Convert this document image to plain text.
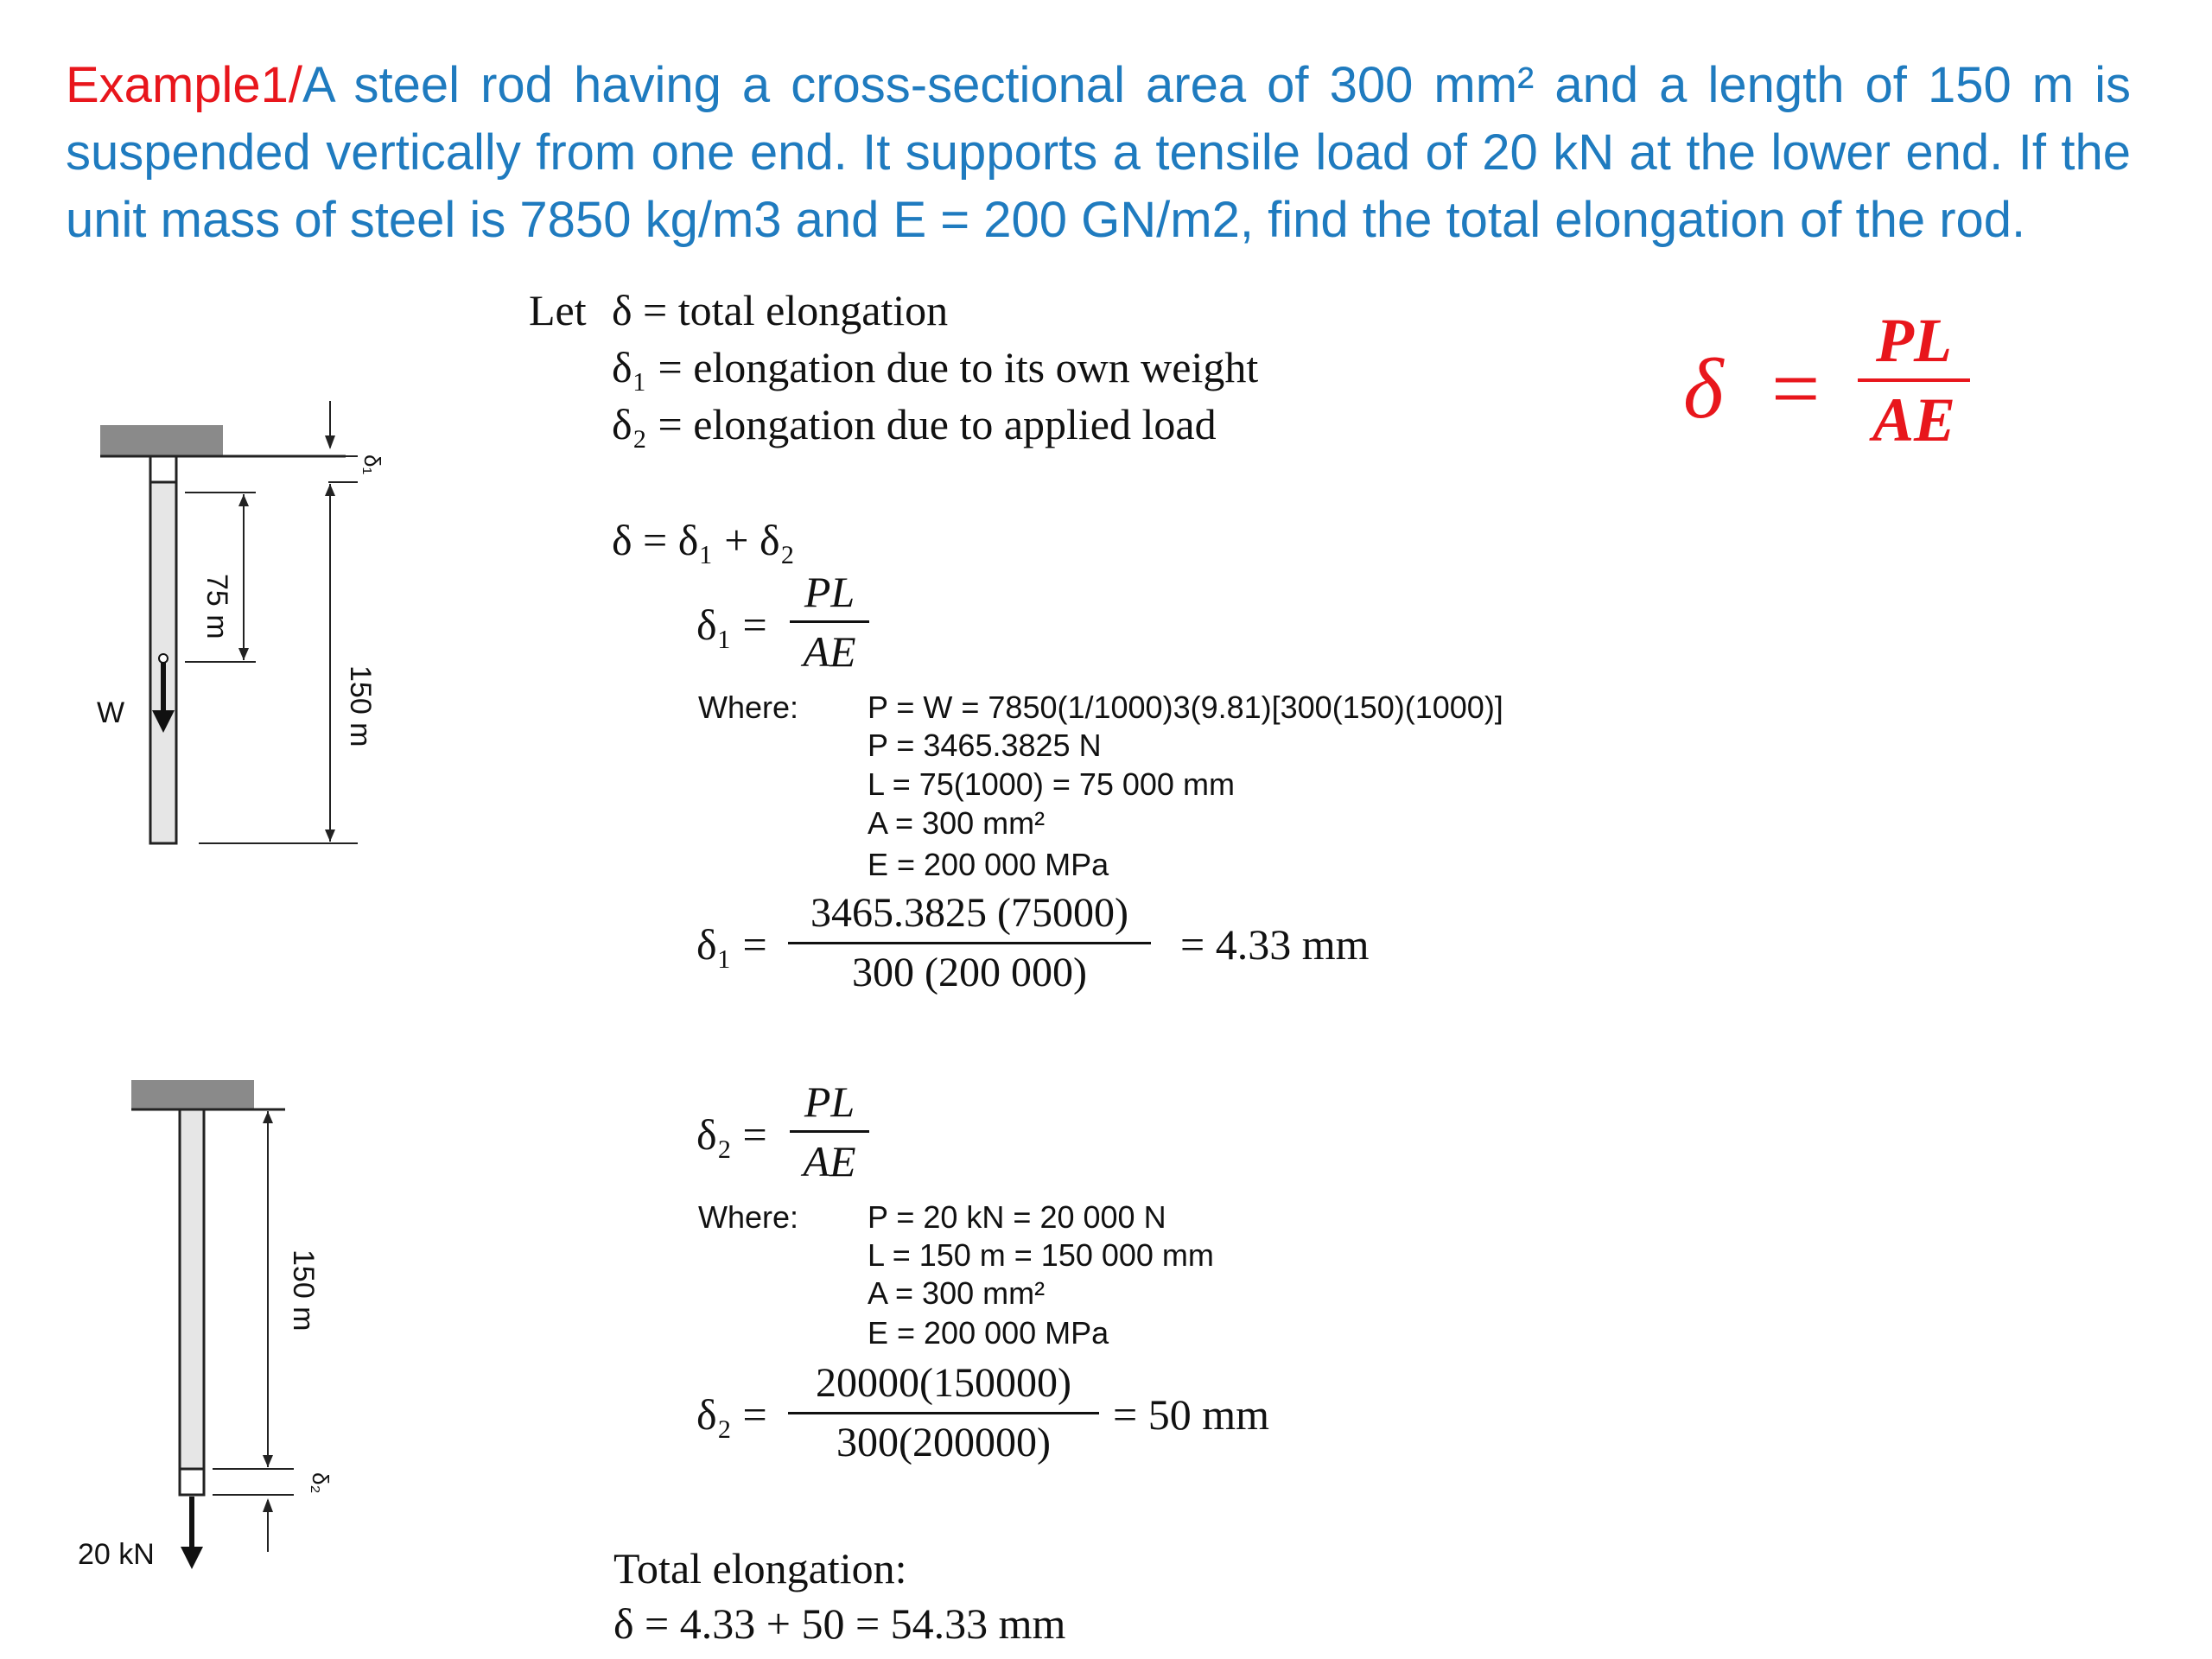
Example1/A steel rod having a cross-sectional area of 300 mm² and a length of 150 m is suspended vertically from one end. It supports a tensile load of 20 kN at the lower end. If the unit mass of steel is 7850 kg/m3 and E = 200 GN/m2, find the total elongation of the rod.
δ = PL
AE
Let δ = total elongation
δ₁ = elongation due to its own weight
δ₂ = elongation due to applied load
δ = δ₁ + δ₂
δ₁ =
PL
AE
Where: P = W = 7850(1/1000)3(9.81)[300(150)(1000)]
P = 3465.3825 N
L = 75(1000) = 75 000 mm
A = 300 mm²
E = 200 000 MPa
δ₁ =
3465.3825 (75000)
300 (200 000)
= 4.33 mm
δ₂ =
PL
AE
Where: P = 20 kN = 20 000 N
L = 150 m = 150 000 mm
A = 300 mm²
E = 200 000 MPa
δ₂ =
20000(150000)
300(200000)
= 50 mm
Total elongation:
δ = 4.33 + 50 = 54.33 mm
W
75 m
150 m
δ₁
20 kN
150 m
δ₂
